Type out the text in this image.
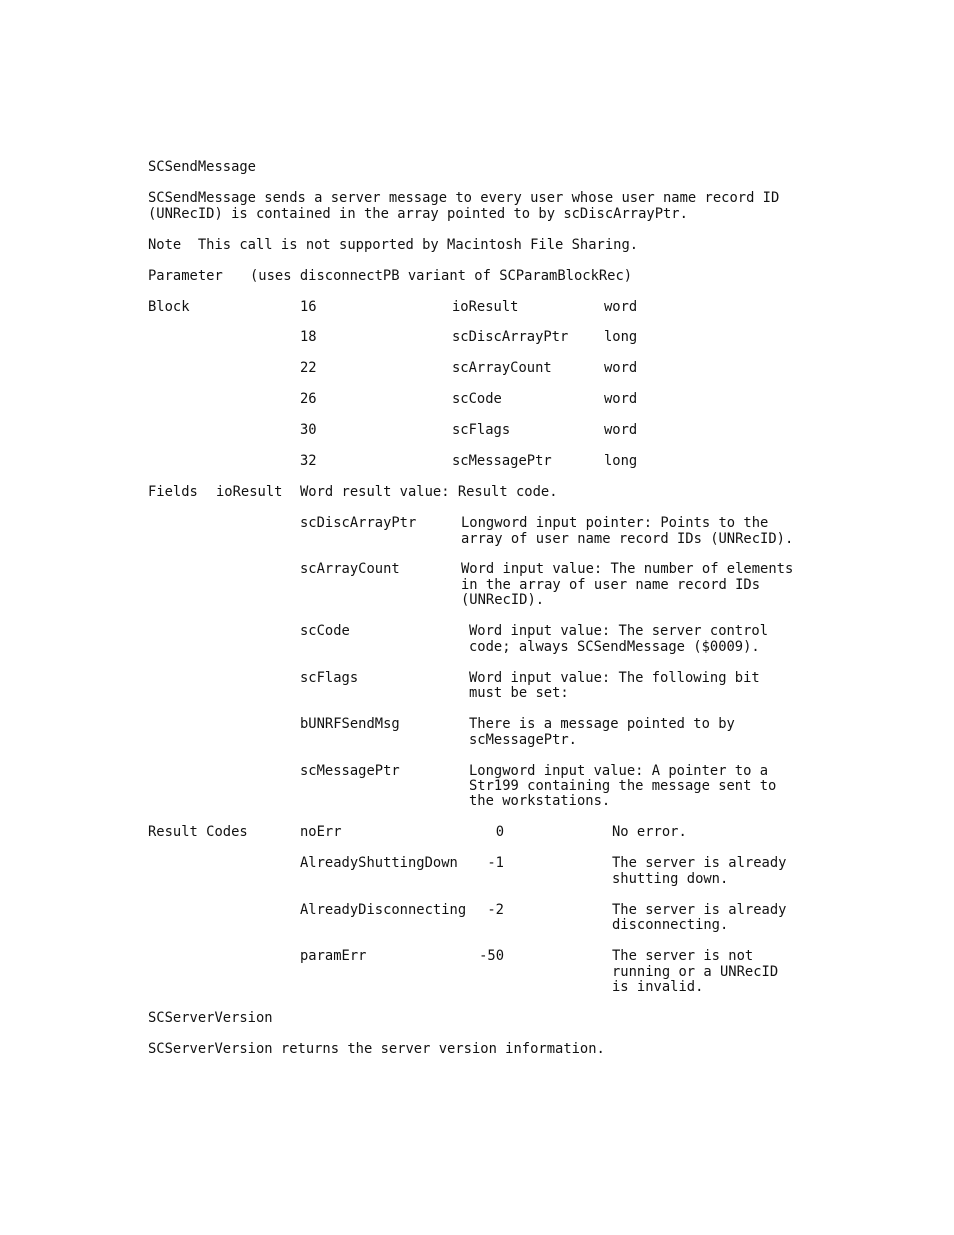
SCSendMessage
SCSendMessage sends a server message to every user whose user name record ID
(UNRecID) is contained in the array pointed to by scDiscArrayPtr.
Note  This call is not supported by Macintosh File Sharing.
Parameter (uses disconnectPB variant of SCParamBlockRec)
Block	16	ioResult	word
18	scDiscArrayPtr	long
22	scArrayCount	word
26	scCode	word
30	scFlags	word
32	scMessagePtr	long
Fields ioResult Word result value: Result code.
scDiscArrayPtr	Longword input pointer: Points to the
array of user name record IDs (UNRecID).
scArrayCount	Word input value: The number of elements
in the array of user name record IDs
(UNRecID).
scCode	Word input value: The server control
code; always SCSendMessage ($0009).
scFlags	Word input value: The following bit
must be set:
bUNRFSendMsg	There is a message pointed to by
scMessagePtr.
scMessagePtr	Longword input value: A pointer to a
Str199 containing the message sent to
the workstations.
Result Codes	noErr	0	No error.
AlreadyShuttingDown	-1	The server is already
shutting down.
AlreadyDisconnecting	-2	The server is already
disconnecting.
paramErr	-50	The server is not
running or a UNRecID
is invalid.
SCServerVersion
SCServerVersion returns the server version information.
